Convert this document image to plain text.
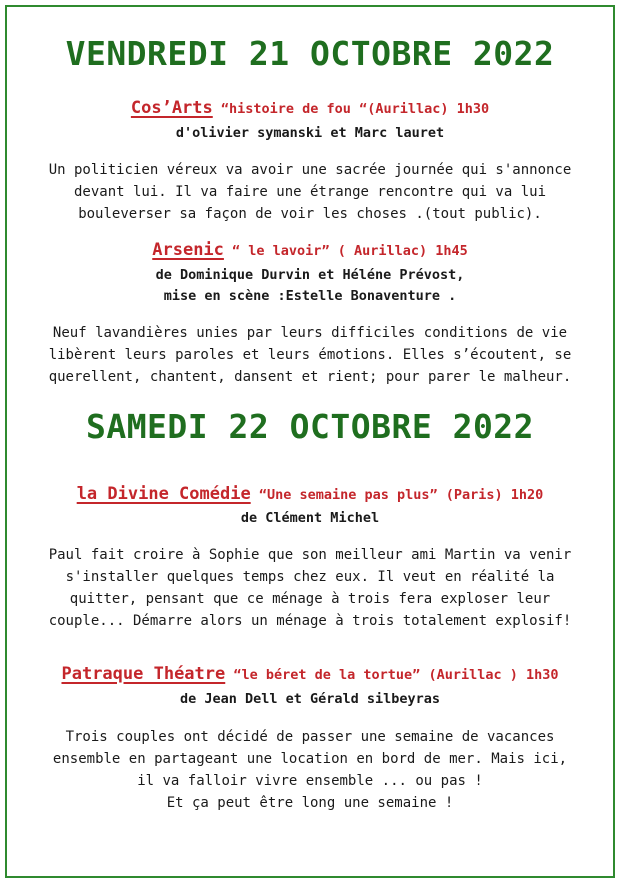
VENDREDI 21 OCTOBRE 2022
Cos’Arts “histoire de fou “(Aurillac) 1h30
d'olivier symanski et Marc lauret
Un politicien véreux va avoir une sacrée journée qui s'annonce
devant lui. Il va faire une étrange rencontre qui va lui
bouleverser sa façon de voir les choses .(tout public).
Arsenic “ le lavoir” ( Aurillac) 1h45
de Dominique Durvin et Héléne Prévost,
mise en scène :Estelle Bonaventure .
Neuf lavandières unies par leurs difficiles conditions de vie
libèrent leurs paroles et leurs émotions. Elles s’écoutent, se
querellent, chantent, dansent et rient; pour parer le malheur.
SAMEDI 22 OCTOBRE 2022
la Divine Comédie “Une semaine pas plus” (Paris) 1h20
de Clément Michel
Paul fait croire à Sophie que son meilleur ami Martin va venir
s'installer quelques temps chez eux. Il veut en réalité la
quitter, pensant que ce ménage à trois fera exploser leur
couple... Démarre alors un ménage à trois totalement explosif!
Patraque Théatre “le béret de la tortue” (Aurillac ) 1h30
de Jean Dell et Gérald silbeyras
Trois couples ont décidé de passer une semaine de vacances
ensemble en partageant une location en bord de mer. Mais ici,
il va falloir vivre ensemble ... ou pas !
Et ça peut être long une semaine !
